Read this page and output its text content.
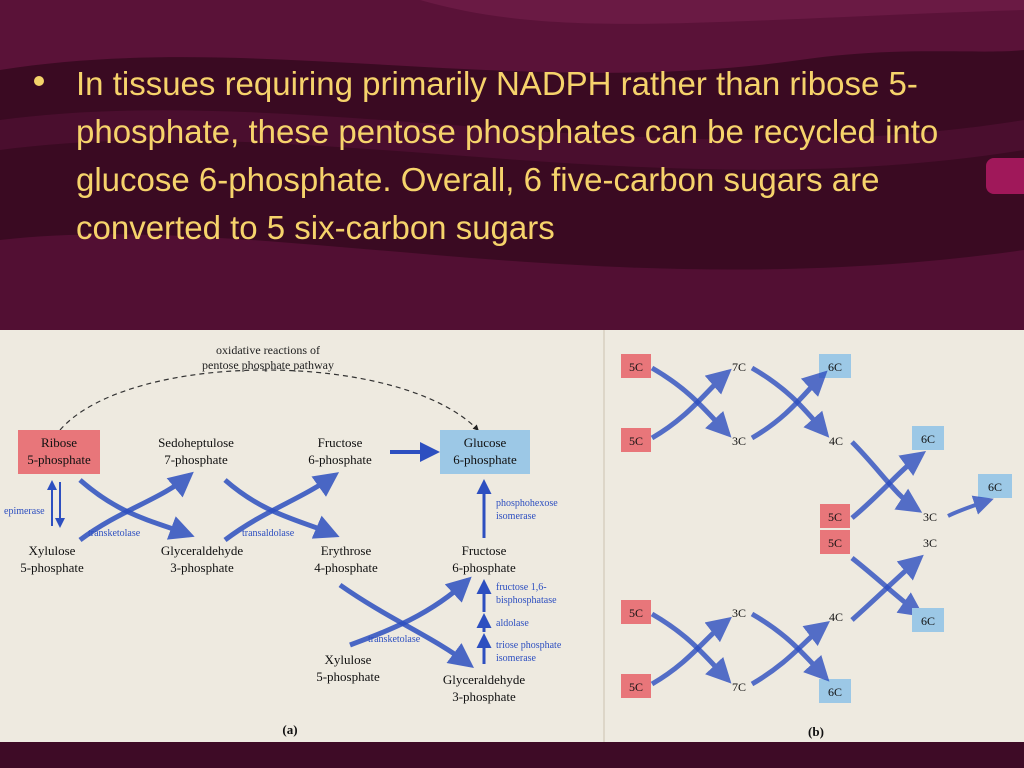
In tissues requiring primarily NADPH rather than ribose 5-phosphate, these pentose phosphates can be recycled into glucose 6-phosphate. Overall, 6 five-carbon sugars are converted to 5 six-carbon sugars

oxidative reactions of
pentose phosphate pathway
Ribose
5-phosphate
Sedoheptulose
7-phosphate
Fructose
6-phosphate
Glucose
6-phosphate
epimerase
transketolase	transaldolase
Xylulose
5-phosphate
Glyceraldehyde
3-phosphate
Erythrose
4-phosphate
phosphohexose
isomerase
Fructose
6-phosphate
fructose 1,6-
bisphosphatase
aldolase
triose phosphate
isomerase
transketolase
Xylulose
5-phosphate	Glyceraldehyde
3-phosphate
(a)
5C	7C	6C
5C	3C	4C	6C
5C	3C
5C	3C
6C
6C
5C	3C	4C
5C	7C	6C
(b)
